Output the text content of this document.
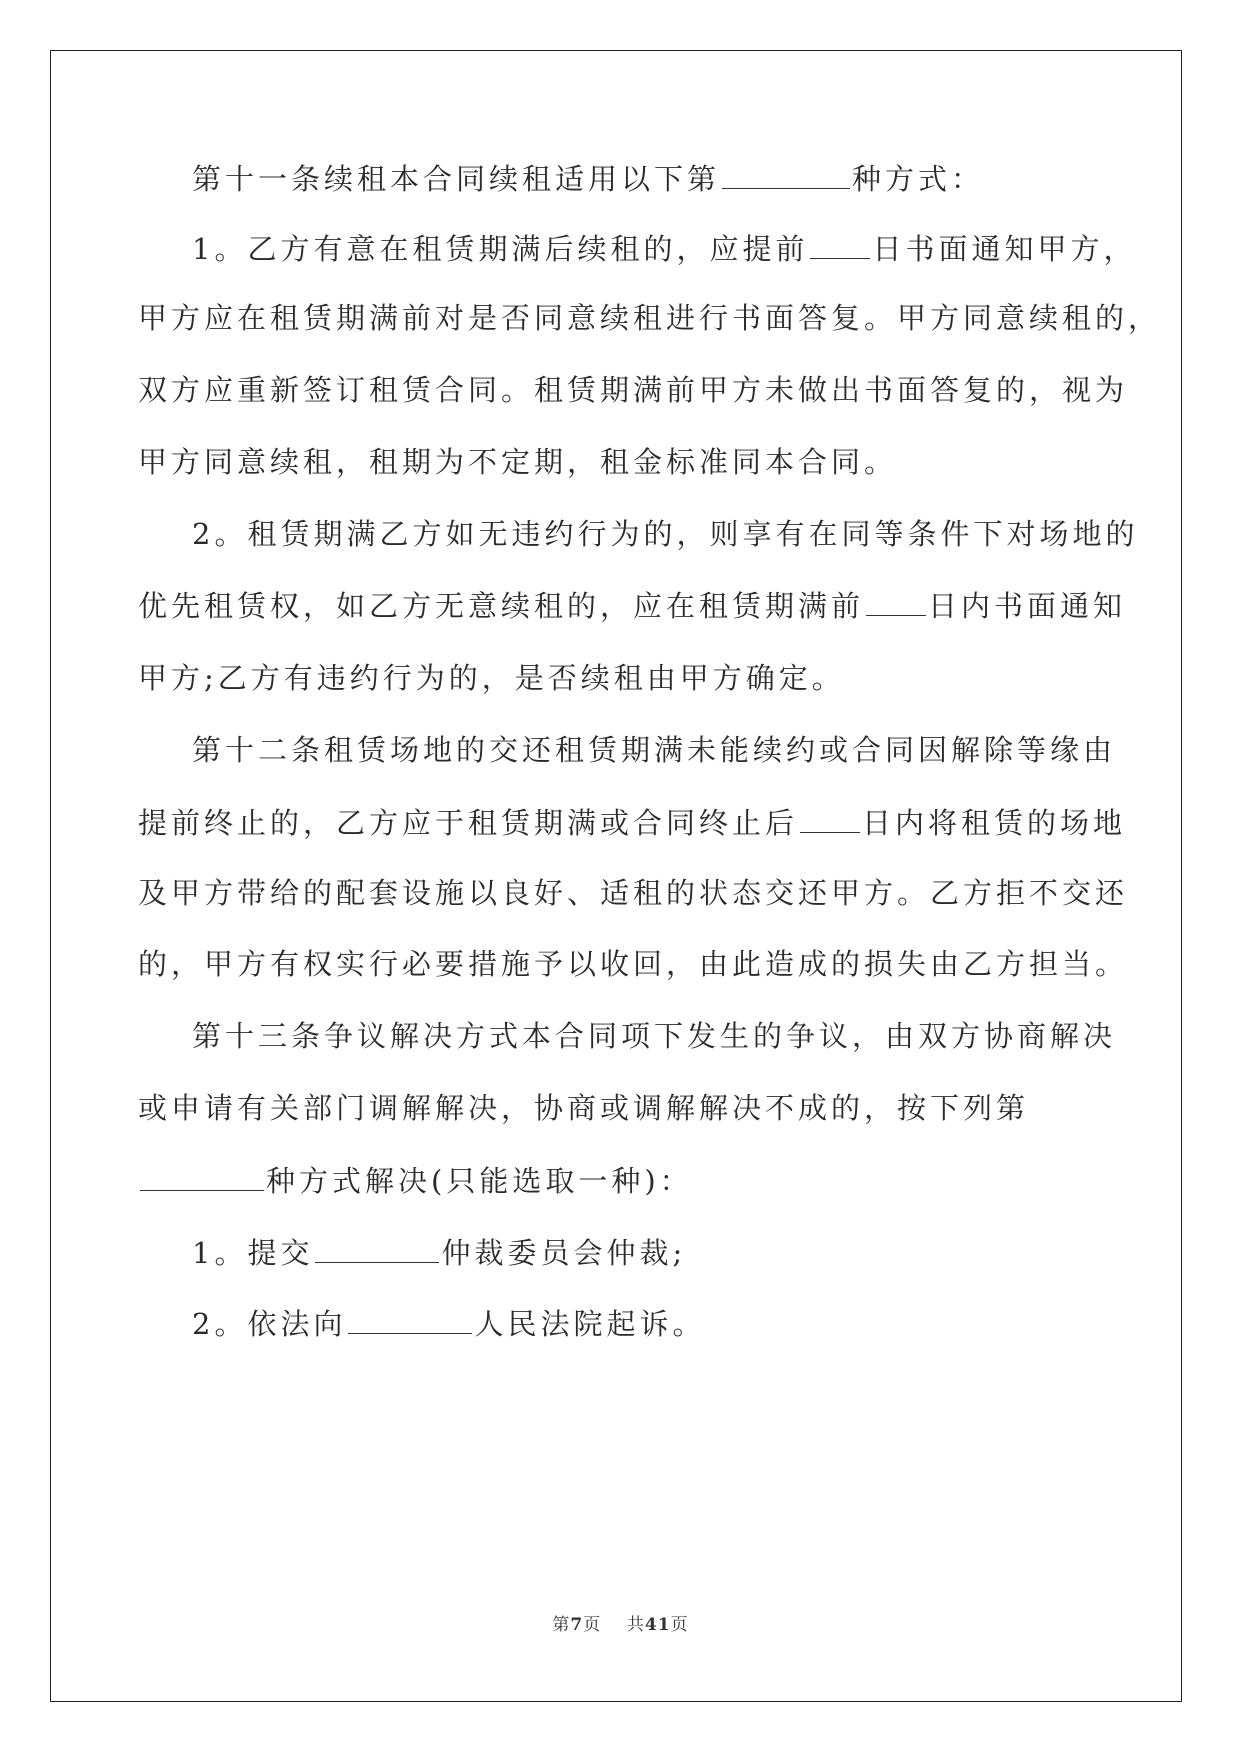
第十一条续租本合同续租适用以下第	种方式：
1。乙方有意在租赁期满后续租的，应提前 日书面通知甲方，
甲方应在租赁期满前对是否同意续租进行书面答复。甲方同意续租的，
双方应重新签订租赁合同。租赁期满前甲方未做出书面答复的，视为
甲方同意续租，租期为不定期，租金标准同本合同。
2。租赁期满乙方如无违约行为的，则享有在同等条件下对场地的
优先租赁权，如乙方无意续租的，应在租赁期满前 日内书面通知
甲方;乙方有违约行为的，是否续租由甲方确定。
第十二条租赁场地的交还租赁期满未能续约或合同因解除等缘由
提前终止的，乙方应于租赁期满或合同终止后 日内将租赁的场地
及甲方带给的配套设施以良好、适租的状态交还甲方。乙方拒不交还
的，甲方有权实行必要措施予以收回，由此造成的损失由乙方担当。
第十三条争议解决方式本合同项下发生的争议，由双方协商解决
或申请有关部门调解解决，协商或调解解决不成的，按下列第
种方式解决(只能选取一种)：
1。提交	仲裁委员会仲裁;
2。依法向	人民法院起诉。
第7页 共41页
